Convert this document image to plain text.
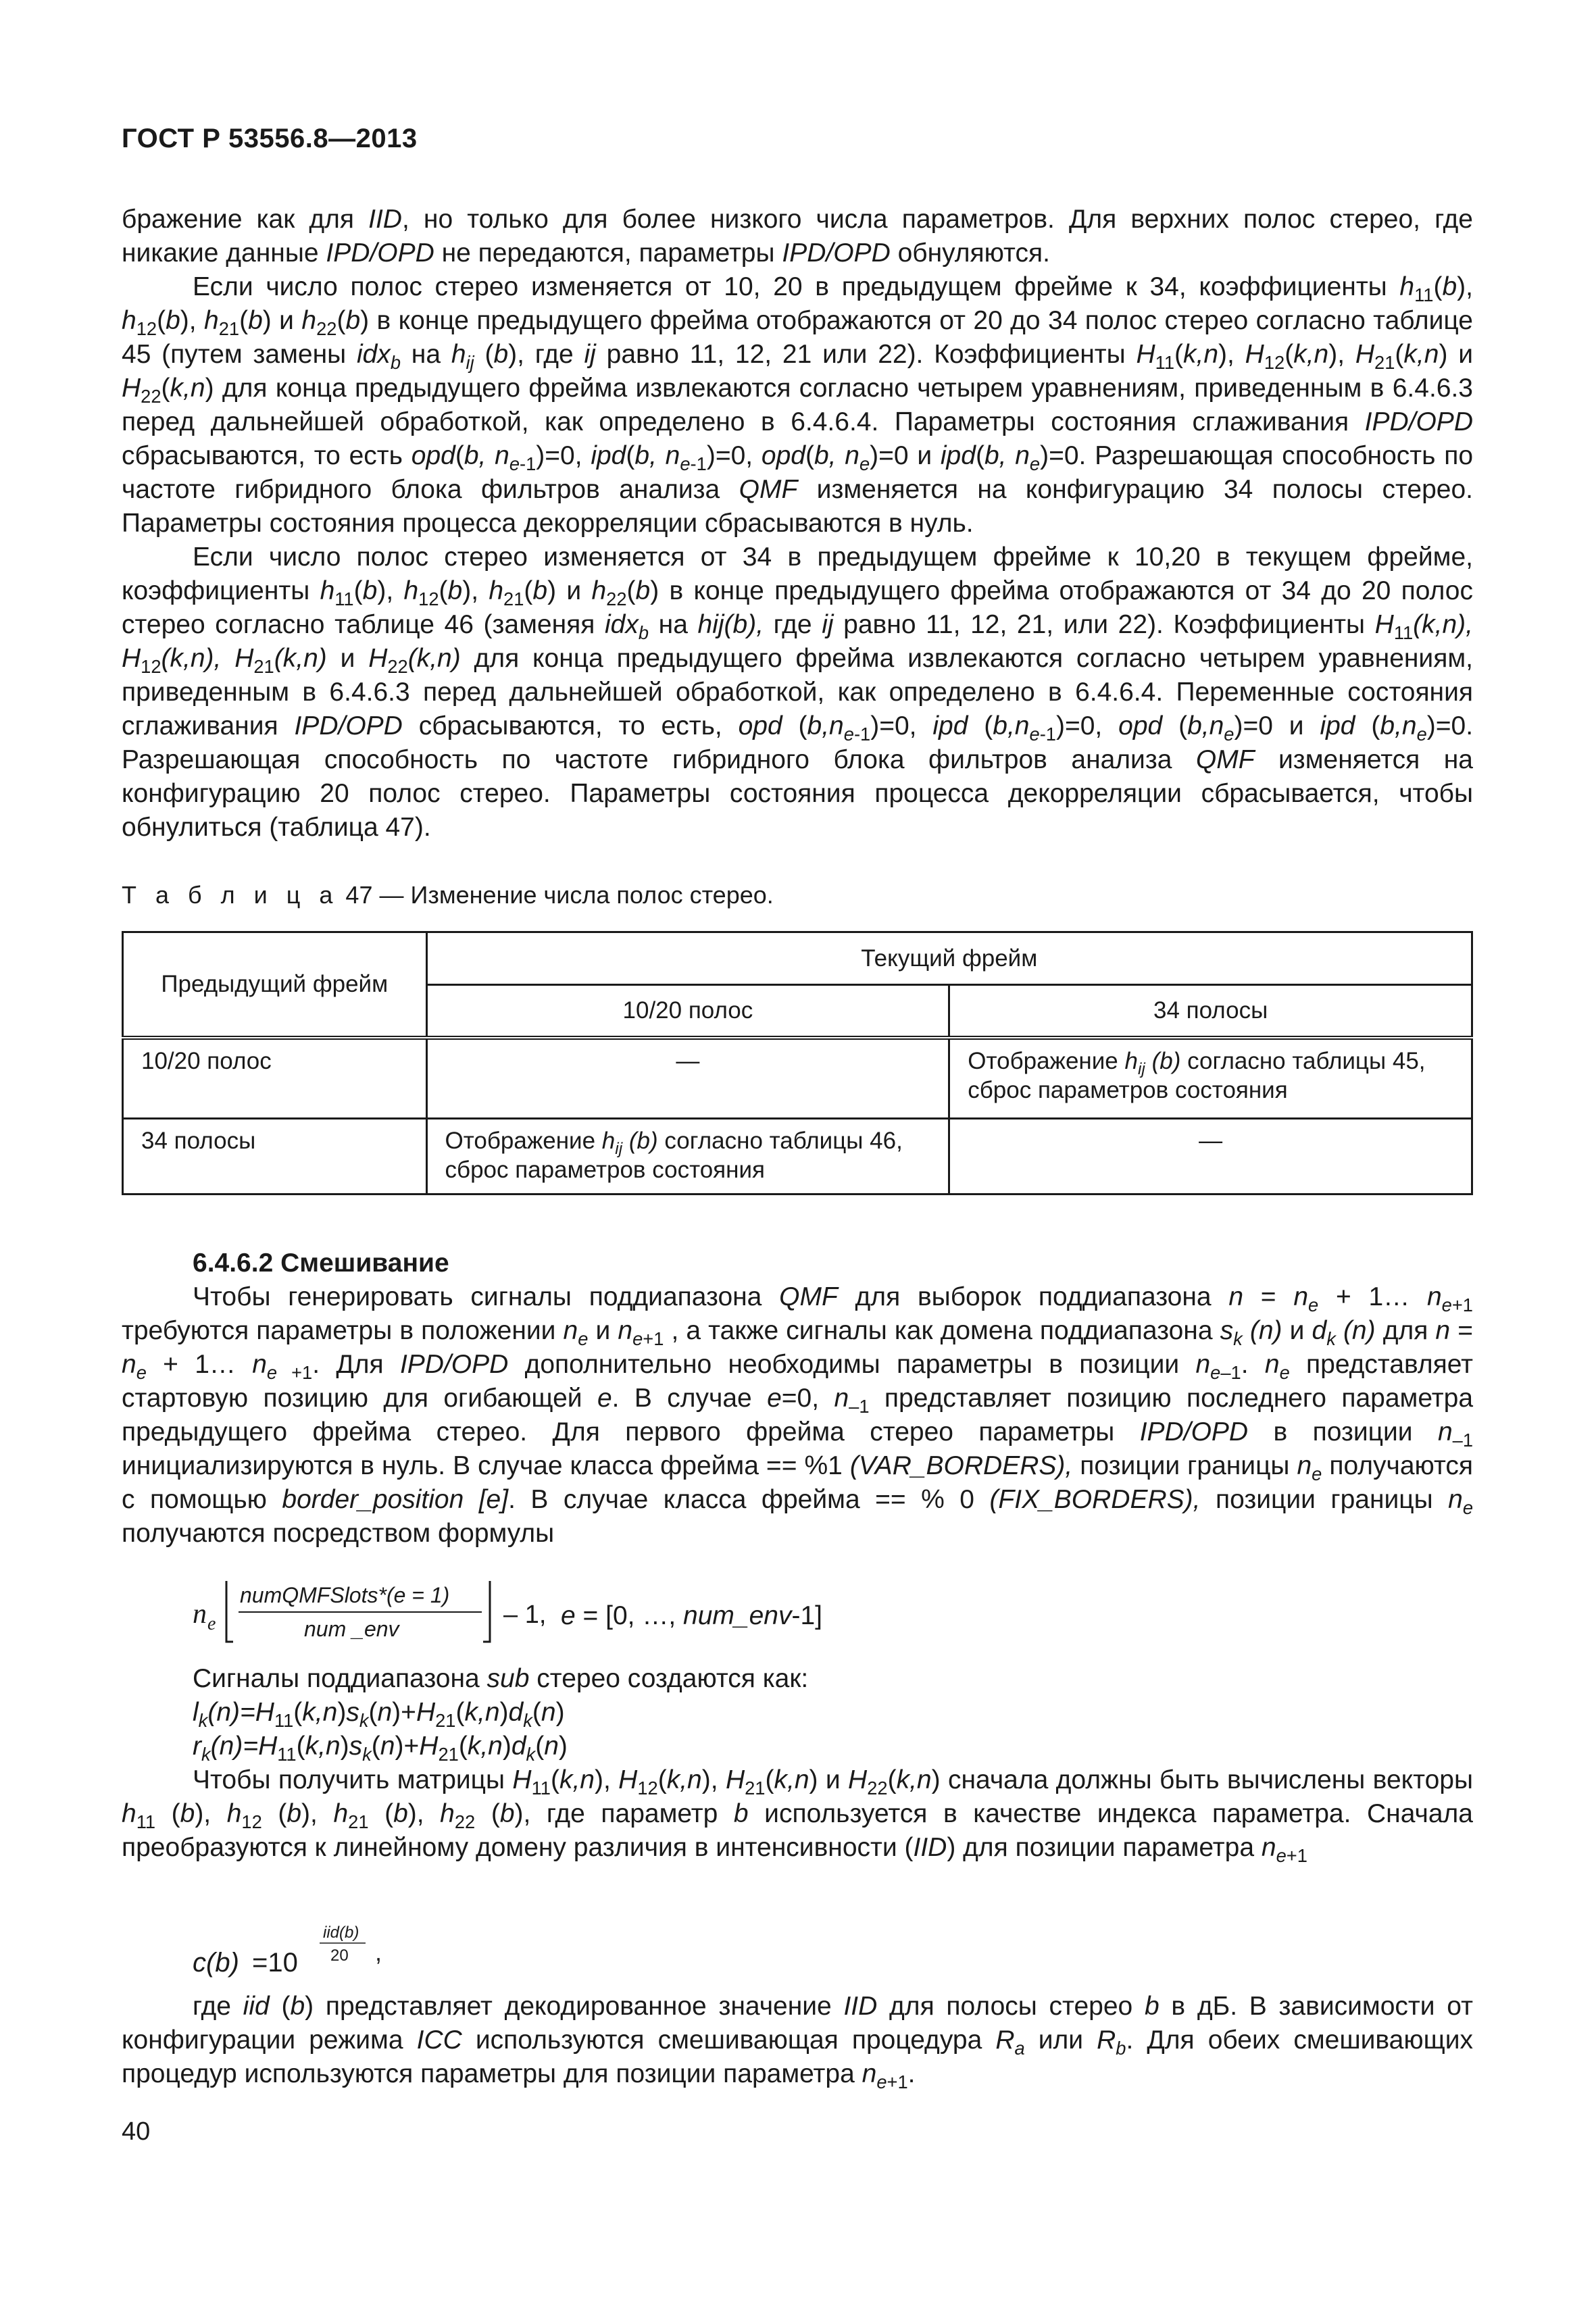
ГОСТ Р 53556.8—2013

бражение как для IID, но только для более низкого числа параметров. Для верхних полос стерео, где никакие данные IPD/OPD не передаются, параметры IPD/OPD обнуляются.

Если число полос стерео изменяется от 10, 20 в предыдущем фрейме к 34, коэффициенты $h_{11}(b)$, $h_{12}(b)$, $h_{21}(b)$ и $h_{22}(b)$ в конце предыдущего фрейма отображаются от 20 до 34 полос стерео согласно таблице 45 (путем замены idx$_b$ на $h_{ij}$ (b), где ij равно 11, 12, 21 или 22). Коэффициенты $H_{11}(k,n)$, $H_{12}(k,n)$, $H_{21}(k,n)$ и $H_{22}(k,n)$ для конца предыдущего фрейма извлекаются согласно четырем уравнениям, приведенным в 6.4.6.3 перед дальнейшей обработкой, как определено в 6.4.6.4. Параметры состояния сглаживания IPD/OPD сбрасываются, то есть opd(b, $n_{e-1})=0$, ipd(b, $n_{e-1})=0$, opd(b, $n_e)=0$ и ipd(b, $n_e)=0$. Разрешающая способность по частоте гибридного блока фильтров анализа QMF изменяется на конфигурацию 34 полосы стерео. Параметры состояния процесса декорреляции сбрасываются в нуль.

Если число полос стерео изменяется от 34 в предыдущем фрейме к 10,20 в текущем фрейме, коэффициенты $h_{11}(b)$, $h_{12}(b)$, $h_{21}(b)$ и $h_{22}(b)$ в конце предыдущего фрейма отображаются от 34 до 20 полос стерео согласно таблице 46 (заменяя idx$_b$ на hij(b), где ij равно 11, 12, 21, или 22). Коэффициенты $H_{11}(k,n)$, $H_{12}(k,n)$, $H_{21}(k,n)$ и $H_{22}(k,n)$ для конца предыдущего фрейма извлекаются согласно четырем уравнениям, приведенным в 6.4.6.3 перед дальнейшей обработкой, как определено в 6.4.6.4. Переменные состояния сглаживания IPD/OPD сбрасываются, то есть, opd $(b,n_{e-1})=0$, ipd $(b,n_{e-1})=0$, opd $(b,n_e)=0$ и ipd $(b,n_e)=0$. Разрешающая способность по частоте гибридного блока фильтров анализа QMF изменяется на конфигурацию 20 полос стерео. Параметры состояния процесса декорреляции сбрасывается, чтобы обнулиться (таблица 47).

Т а б л и ц а 47 — Изменение числа полос стерео.
Предыдущий фрейм	Текущий фрейм	
	10/20 полос	34 полосы
10/20 полос	—	Отображение $h_{ij}$ (b) согласно таблицы 45, сброс параметров состояния
34 полосы	Отображение $h_{ij}$ (b) согласно таблицы 46, сброс параметров состояния	—
6.4.6.2 Смешивание

Чтобы генерировать сигналы поддиапазона QMF для выборок поддиапазона $n = n_e$ + 1… $n_{e+1}$ требуются параметры в положении $n_e$ и $n_{e+1}$ , а также сигналы как домена поддиапазона $s_k$ (n) и $d_k$ (n) для $n = n_e$ + 1… $n_{e +1}$. Для IPD/OPD дополнительно необходимы параметры в позиции $n_{e-1}$. $n_e$ представляет стартовую позицию для огибающей e. В случае e=0, $n_{-1}$ представляет позицию последнего параметра предыдущего фрейма стерео. Для первого фрейма стерео параметры IPD/OPD в позиции $n_{-1}$ инициализируются в нуль. В случае класса фрейма == %1 (VAR_BORDERS), позиции границы $n_e$ получаются с помощью border_position [e]. В случае класса фрейма == % 0 (FIX_BORDERS), позиции границы $n_e$ получаются посредством формулы

n e
numQMFSlots*(e = 1)
num _env	– 1, e = [0, …, num_env-1]

Сигналы поддиапазона sub стерео создаются как:

$l_k(n)=H_{11}(k,n)s_k(n)+H_{21}(k,n)d_k(n)$

$r_k(n)=H_{11}(k,n)s_k(n)+H_{21}(k,n)d_k(n)$

Чтобы получить матрицы $H_{11}(k,n)$, $H_{12}(k,n)$, $H_{21}(k,n)$ и $H_{22}(k,n)$ сначала должны быть вычислены векторы $h_{11}$ (b), $h_{12}$ (b), $h_{21}$ (b), $h_{22}$ (b), где параметр b используется в качестве индекса параметра. Сначала преобразуются к линейному домену различия в интенсивности (IID) для позиции параметра $n_{e+1}$

c(b) =10
iid(b)
20 ,

где iid (b) представляет декодированное значение IID для полосы стерео b в дБ. В зависимости от конфигурации режима ICC используются смешивающая процедура $R_a$ или $R_b$. Для обеих смешивающих процедур используются параметры для позиции параметра $n_{e+1}$.

40
